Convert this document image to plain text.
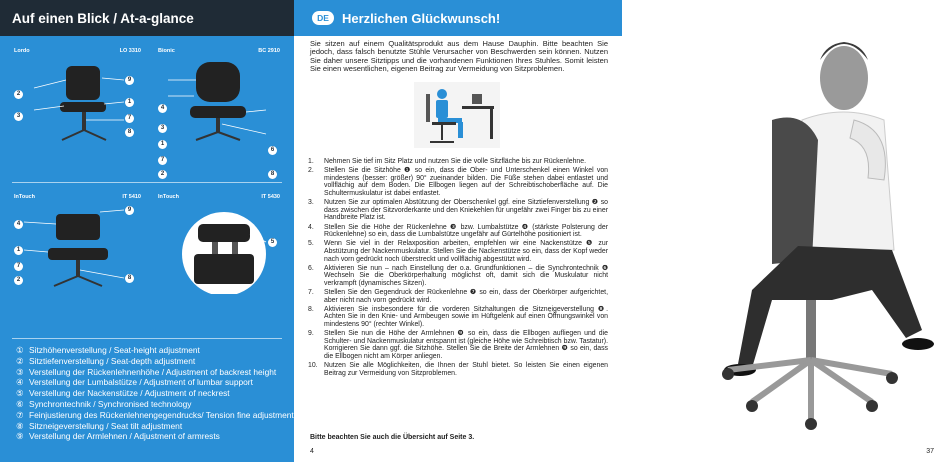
Auf einen Blick / At-a-glance
Lordo	LO 3310
2
3
9
1
7
8
Bionic	BC 2910
4
3
1
7
2
6
8
InTouch	IT 5410
4
1
7
2
9
8
InTouch	IT 5430
5
① Sitzhöhenverstellung / Seat-height adjustment
② Sitztiefenverstellung / Seat-depth adjustment
③ Verstellung der Rückenlehnenhöhe / Adjustment of backrest height
④ Verstellung der Lumbalstütze / Adjustment of lumbar support
⑤ Verstellung der Nackenstütze / Adjustment of neckrest
⑥ Synchrontechnik / Synchronised technology
⑦ Feinjustierung des Rückenlehnengegendrucks/ Tension fine adjustment
⑧ Sitzneigeverstellung / Seat tilt adjustment
⑨ Verstellung der Armlehnen / Adjustment of armrests
DE	Herzlichen Glückwunsch!

Sie sitzen auf einem Qualitätsprodukt aus dem Hause Dauphin. Bitte beachten Sie jedoch, dass falsch benutzte Stühle Verursacher von Beschwerden sein können. Nutzen Sie daher unsere Sitztipps und die vorhandenen Funktionen Ihres Stuhles. Somit leisten Sie einen wesentlichen, eigenen Beitrag zur Vermeidung von Sitzproblemen.

1.	Nehmen Sie tief im Sitz Platz und nutzen Sie die volle Sitzfläche bis zur Rückenlehne.
2.	Stellen Sie die Sitzhöhe ❶ so ein, dass die Ober- und Unterschenkel einen Winkel von mindestens (besser: größer) 90° zueinander bilden. Die Füße stehen dabei entlastet und vollflächig auf dem Boden. Die Ellbogen liegen auf der Schreibtischoberfläche auf. Die Schultermuskulatur ist dabei entlastet.
3.	Nutzen Sie zur optimalen Abstützung der Oberschenkel ggf. eine Sitztiefenverstellung ❷ so dass zwischen der Sitzvorderkante und den Kniekehlen für ungefähr zwei Finger bis zu einer Handbreite Platz ist.
4.	Stellen Sie die Höhe der Rückenlehne ❸ bzw. Lumbalstütze ❹ (stärkste Polsterung der Rückenlehne) so ein, dass die Lumbalstütze ungefähr auf Gürtelhöhe positioniert ist.
5.	Wenn Sie viel in der Relaxposition arbeiten, empfehlen wir eine Nackenstütze ❺ zur Abstützung der Nackenmuskulatur. Stellen Sie die Nackenstütze so ein, dass der Kopf weder nach vorn gedrückt noch überstreckt und vollflächig abgestützt wird.
6.	Aktivieren Sie nun – nach Einstellung der o.a. Grundfunktionen – die Synchrontechnik ❻ Wechseln Sie die Oberkörperhaltung möglichst oft, damit sich die Muskulatur nicht verkrampft (dynamisches Sitzen).
7.	Stellen Sie den Gegendruck der Rückenlehne ❼ so ein, dass der Oberkörper aufgerichtet, aber nicht nach vorn gedrückt wird.
8.	Aktivieren Sie insbesondere für die vorderen Sitzhaltungen die Sitzneigeverstellung ❽. Achten Sie in den Knie- und Armbeugen sowie im Hüftgelenk auf einen Öffnungswinkel von mindestens 90° (rechter Winkel).
9.	Stellen Sie nun die Höhe der Armlehnen ❾ so ein, dass die Ellbogen aufliegen und die Schulter- und Nackenmuskulatur entspannt ist (gleiche Höhe wie Schreibtisch bzw. Tastatur). Korrigieren Sie dann ggf. die Sitzhöhe. Stellen Sie die Breite der Armlehnen ❾ so ein, dass die Ellbogen nicht am Körper anliegen.
10. Nutzen Sie alle Möglichkeiten, die Ihnen der Stuhl bietet. So leisten Sie einen eigenen Beitrag zur Vermeidung von Sitzproblemen.

Bitte beachten Sie auch die Übersicht auf Seite 3.

4	37
